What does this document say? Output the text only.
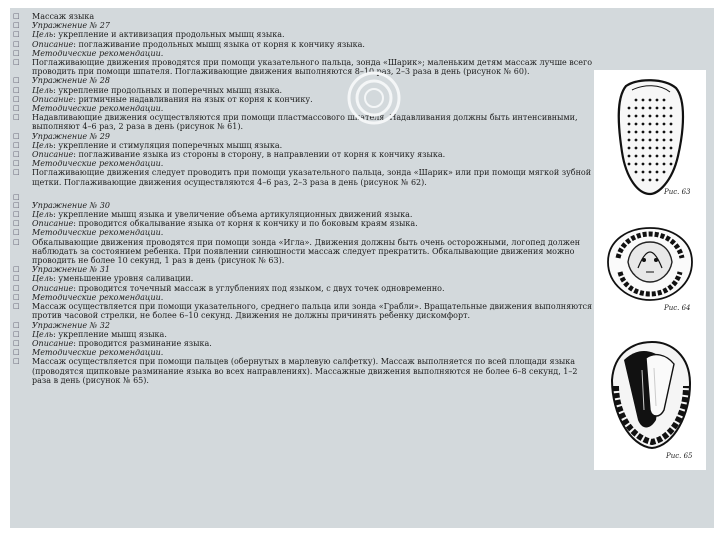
□ Массаж языка
□ Упражнение № 27
□ Цель: укрепление и активизация продольных мышц языка.
□ Описание: поглаживание продольных мышц языка от корня к кончику языка.
□ Методические рекомендации.
□ Поглаживающие движения проводятся при помощи указательного пальца, зонда «Шарик»; маленьким детям массаж лучше всего проводить при помощи шпателя. Поглаживающие движения выполняются 8–10 раз, 2–3 раза в день (рисунок № 60).
□ Упражнение № 28
□ Цель: укрепление продольных и поперечных мышц языка.
□ Описание: ритмичные надавливания на язык от корня к кончику.
□ Методические рекомендации.
□ Надавливающие движения осуществляются при помощи пластмассового шпателя. Надавливания должны быть интенсивными, выполняют 4–6 раз, 2 раза в день (рисунок № 61).
□ Упражнение № 29
□ Цель: укрепление и стимуляция поперечных мышц языка.
□ Описание: поглаживание языка из стороны в сторону, в направлении от корня к кончику языка.
□ Методические рекомендации.
□ Поглаживающие движения следует проводить при помощи указательного пальца, зонда «Шарик» или при помощи мягкой зубной щетки. Поглаживающие движения осуществляются 4–6 раз, 2–3 раза в день (рисунок № 62).
□
□ Упражнение № 30
□ Цель: укрепление мышц языка и увеличение объема артикуляционных движений языка.
□ Описание: проводится обкалывание языка от корня к кончику и по боковым краям языка.
□ Методические рекомендации.
□ Обкалывающие движения проводятся при помощи зонда «Игла». Движения должны быть очень осторожными, логопед должен наблюдать за состоянием ребенка. При появлении синюшности массаж следует прекратить. Обкалывающие движения можно проводить не более 10 секунд, 1 раз в день (рисунок № 63).
□ Упражнение № 31
□ Цель: уменьшение уровня саливации.
□ Описание: проводится точечный массаж в углублениях под языком, с двух точек одновременно.
□ Методические рекомендации.
□ Массаж осуществляется при помощи указательного, среднего пальца или зонда «Грабли». Вращательные движения выполняются против часовой стрелки, не более 6–10 секунд. Движения не должны причинять ребенку дискомфорт.
□ Упражнение № 32
□ Цель: укрепление мышц языка.
□ Описание: проводится разминание языка.
□ Методические рекомендации.
□ Массаж осуществляется при помощи пальцев (обернутых в марлевую салфетку). Массаж выполняется по всей площади языка (проводятся щипковые разминание языка во всех направлениях). Массажные движения выполняются не более 6–8 секунд, 1–2 раза в день (рисунок № 65).
Рис. 63
Рис. 64
Рис. 65
